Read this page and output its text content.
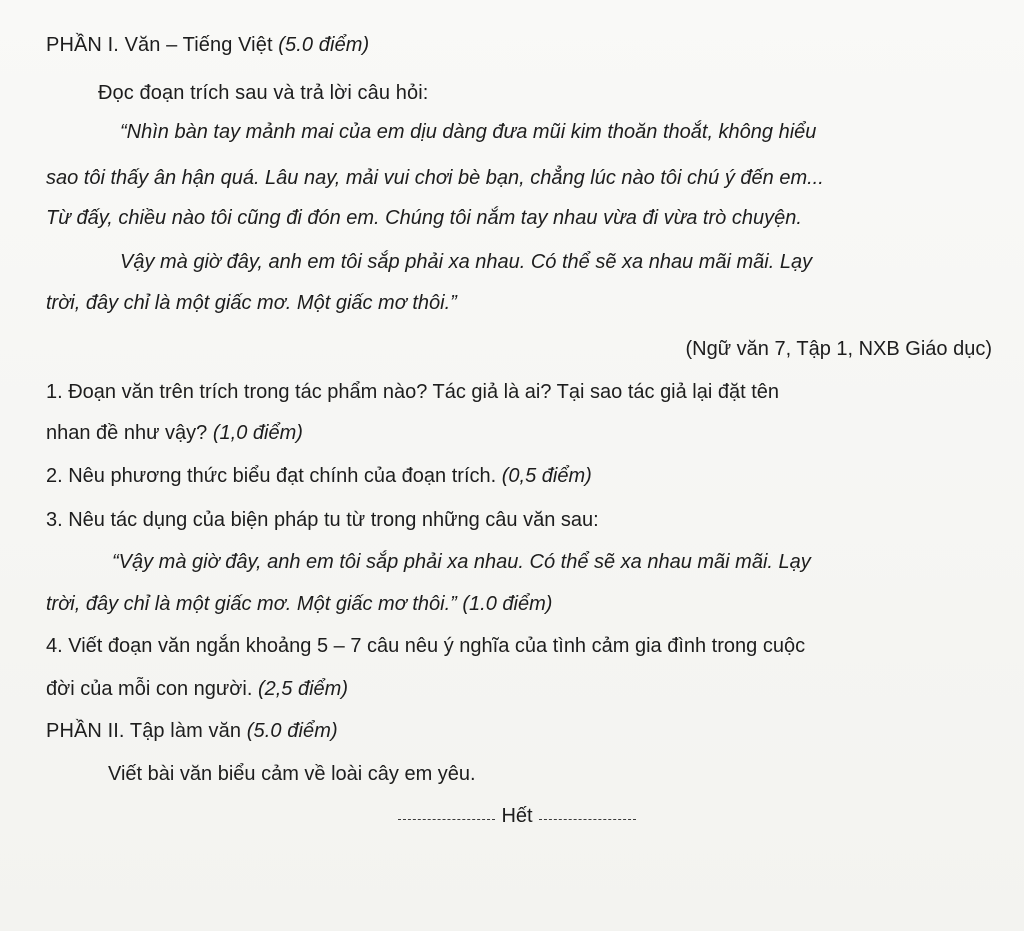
PHẦN I. Văn – Tiếng Việt (5.0 điểm)
Đọc đoạn trích sau và trả lời câu hỏi:
“Nhìn bàn tay mảnh mai của em dịu dàng đưa mũi kim thoăn thoắt, không hiểu
sao tôi thấy ân hận quá. Lâu nay, mải vui chơi bè bạn, chẳng lúc nào tôi chú ý đến em...
Từ đấy, chiều nào tôi cũng đi đón em. Chúng tôi nắm tay nhau vừa đi vừa trò chuyện.
Vậy mà giờ đây, anh em tôi sắp phải xa nhau. Có thể sẽ xa nhau mãi mãi. Lạy
trời, đây chỉ là một giấc mơ. Một giấc mơ thôi.”
(Ngữ văn 7, Tập 1, NXB Giáo dục)
1. Đoạn văn trên trích trong tác phẩm nào? Tác giả là ai? Tại sao tác giả lại đặt tên
nhan đề như vậy? (1,0 điểm)
2. Nêu phương thức biểu đạt chính của đoạn trích. (0,5 điểm)
3. Nêu tác dụng của biện pháp tu từ trong những câu văn sau:
“Vậy mà giờ đây, anh em tôi sắp phải xa nhau. Có thể sẽ xa nhau mãi mãi. Lạy
trời, đây chỉ là một giấc mơ. Một giấc mơ thôi.” (1.0 điểm)
4. Viết đoạn văn ngắn khoảng 5 – 7 câu nêu ý nghĩa của tình cảm gia đình trong cuộc
đời của mỗi con người. (2,5 điểm)
PHẦN II. Tập làm văn (5.0 điểm)
Viết bài văn biểu cảm về loài cây em yêu.
Hết
